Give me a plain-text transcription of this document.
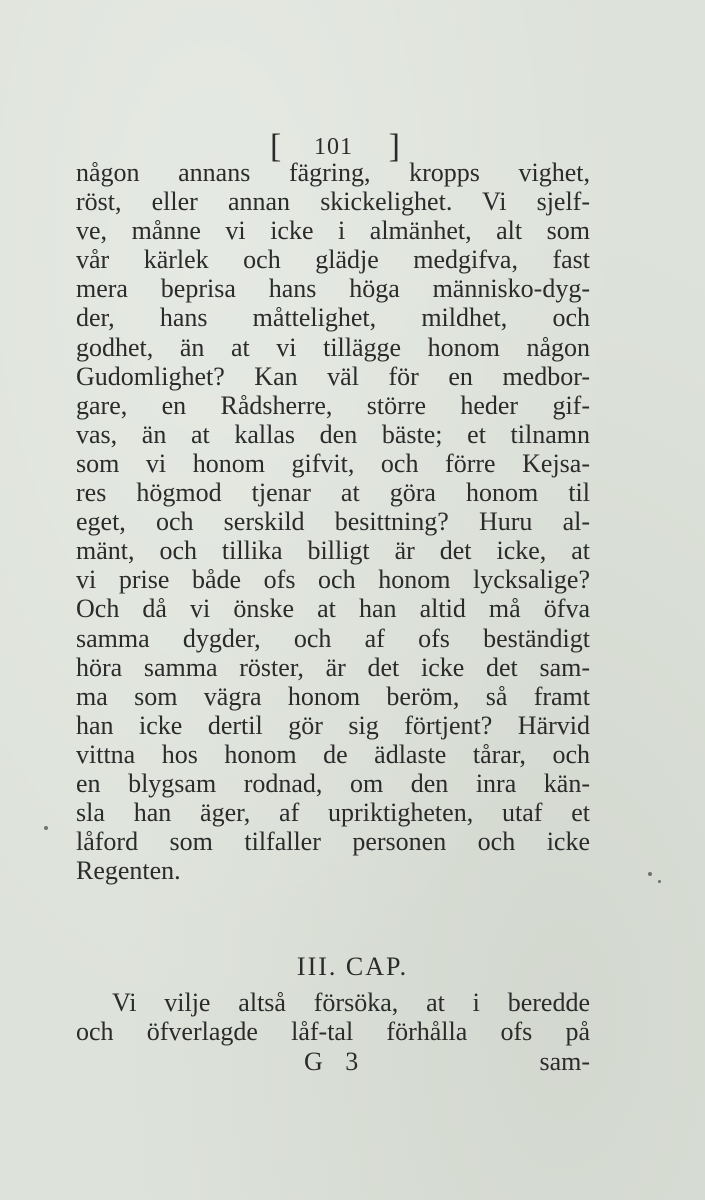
[ 101 ]
någon annans fägring, kropps vighet,
röst, eller annan skickelighet. Vi sjelf-
ve, månne vi icke i almänhet, alt som
vår kärlek och glädje medgifva, fast
mera beprisa hans höga människo-dyg-
der, hans måttelighet, mildhet, och
godhet, än at vi tillägge honom någon
Gudomlighet? Kan väl för en medbor-
gare, en Rådsherre, större heder gif-
vas, än at kallas den bäste; et tilnamn
som vi honom gifvit, och förre Kejsa-
res högmod tjenar at göra honom til
eget, och serskild besittning? Huru al-
mänt, och tillika billigt är det icke, at
vi prise både ofs och honom lycksalige?
Och då vi önske at han altid må öfva
samma dygder, och af ofs beständigt
höra samma röster, är det icke det sam-
ma som vägra honom beröm, så framt
han icke dertil gör sig förtjent? Härvid
vittna hos honom de ädlaste tårar, och
en blygsam rodnad, om den inra kän-
sla han äger, af upriktigheten, utaf et
låford som tilfaller personen och icke
Regenten.
III. CAP.
Vi vilje altså försöka, at i beredde
och öfverlagde låf-tal förhålla ofs på
G 3	sam-
